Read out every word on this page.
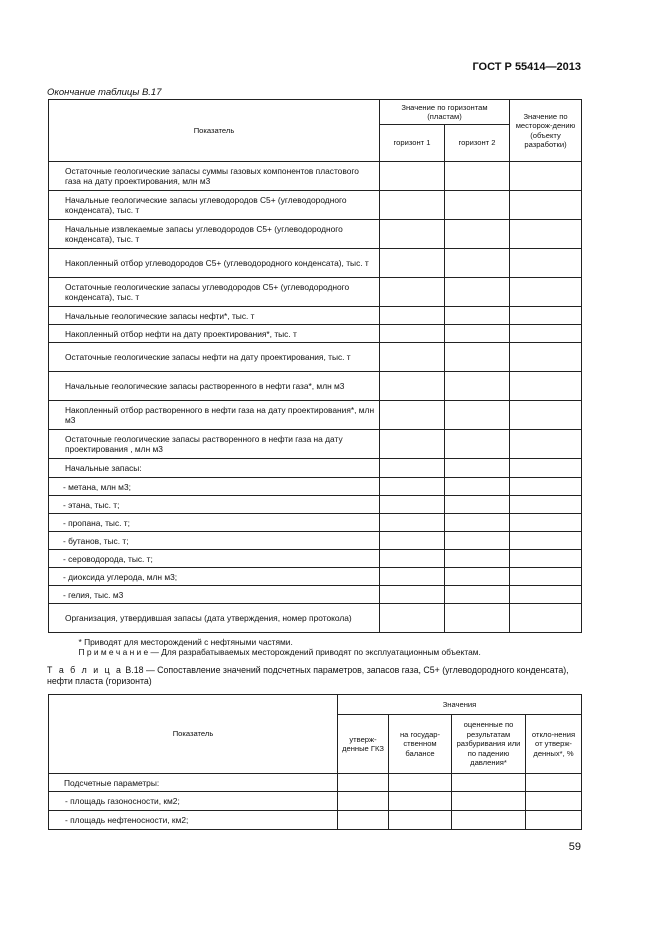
ГОСТ Р 55414—2013
Окончание таблицы В.17
Показатель	Значение по горизонтам (пластам)		Значение по месторож-дению (объекту разработки)
	горизонт 1	горизонт 2	
Остаточные геологические запасы суммы газовых компонентов пластового газа на дату проектирования, млн м3			
Начальные геологические запасы углеводородов С5+ (углеводородного конденсата), тыс. т			
Начальные извлекаемые запасы углеводородов С5+ (углеводородного конденсата), тыс. т			
Накопленный отбор углеводородов С5+ (углеводородного конденсата), тыс. т			
Остаточные геологические запасы углеводородов С5+ (углеводородного конденсата), тыс. т			
Начальные геологические запасы нефти*, тыс. т			
Накопленный отбор нефти на дату проектирования*, тыс. т			
Остаточные геологические запасы нефти на дату проектирования, тыс. т			
Начальные геологические запасы растворенного в нефти газа*, млн м3			
Накопленный отбор растворенного в нефти газа на дату проектирования*, млн м3			
Остаточные геологические запасы растворенного в нефти газа на дату проектирования , млн м3			
Начальные запасы:			
- метана, млн м3;			
- этана, тыс. т;			
- пропана, тыс. т;			
- бутанов, тыс. т;			
- сероводорода, тыс. т;			
- диоксида углерода, млн м3;			
- гелия, тыс. м3			
Организация, утвердившая запасы (дата утверждения, номер протокола)			

* Приводят для месторождений с нефтяными частями.
П р и м е ч а н и е — Для разрабатываемых месторождений приводят по эксплуатационным объектам.			
Т а б л и ц а В.18 — Сопоставление значений подсчетных параметров, запасов газа, С5+ (углеводородного конденсата), нефти пласта (горизонта)
Показатель	Значения			
	утверж-денные ГКЗ	на государ-ственном балансе	оцененные по результатам разбуривания или по падению давления*	откло-нения от утверж-денных*, %
Подсчетные параметры:				
- площадь газоносности, км2;				
- площадь нефтеносности, км2;				
59
